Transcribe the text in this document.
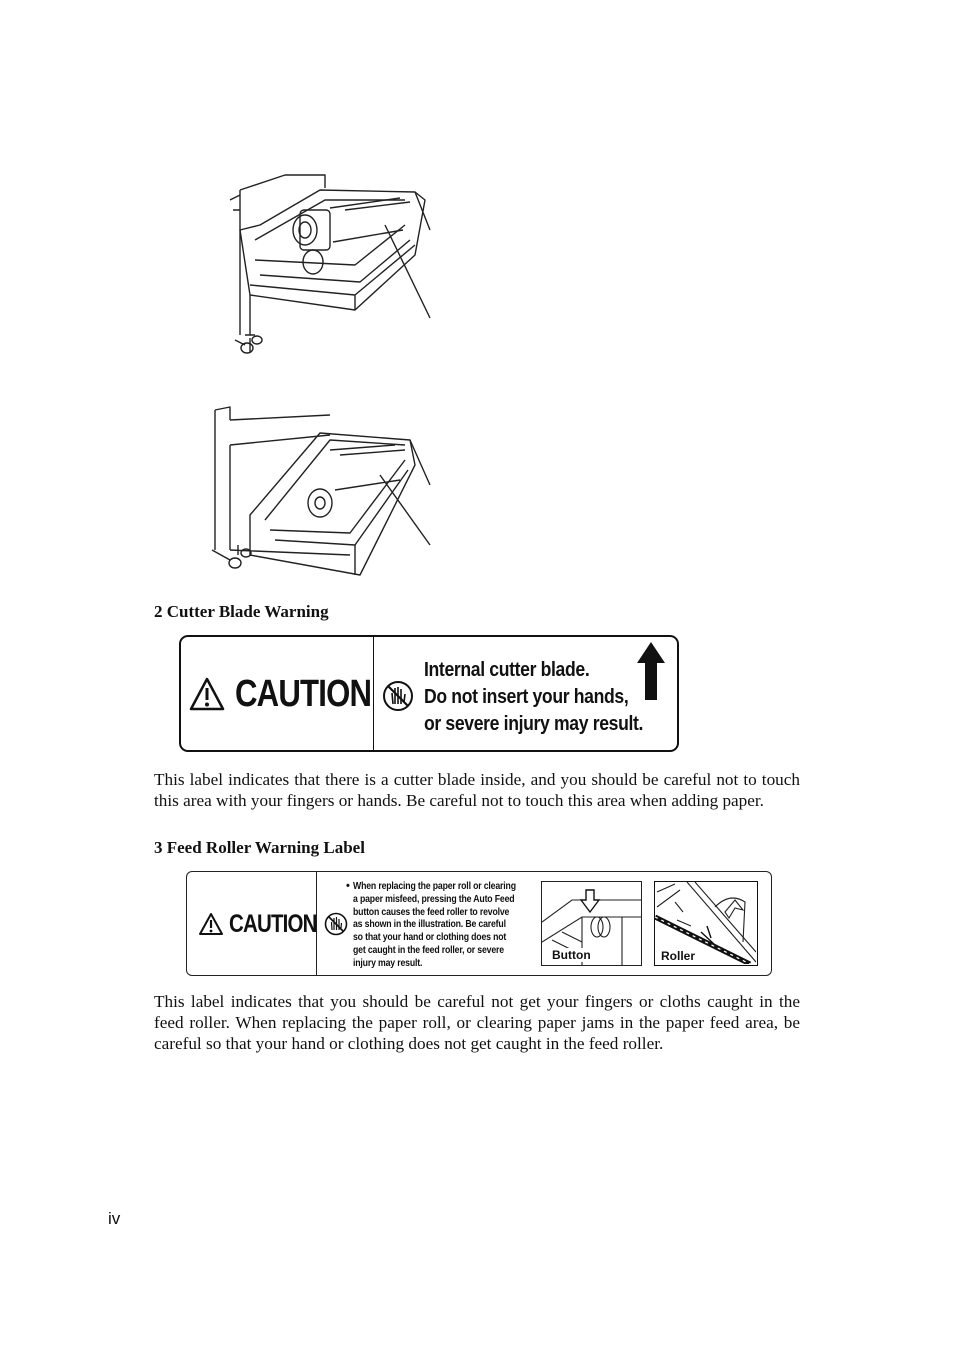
2 Cutter Blade Warning
CAUTION
Internal cutter blade.
Do not insert your hands,
or severe injury may result.
This label indicates that there is a cutter blade inside, and you should be careful not to touch this area with your fingers or hands. Be careful not to touch this area when adding paper.
3 Feed Roller Warning Label
CAUTION
• When replacing the paper roll or clearing
a paper misfeed, pressing the Auto Feed
button causes the feed roller to revolve
as shown in the illustration. Be careful
so that your hand or clothing does not
get caught in the feed roller, or severe
injury may result.
Button	Roller
This label indicates that you should be careful not get your fingers or cloths caught in the feed roller. When replacing the paper roll, or clearing paper jams in the paper feed area, be careful so that your hand or clothing does not get caught in the feed roller.
iv
